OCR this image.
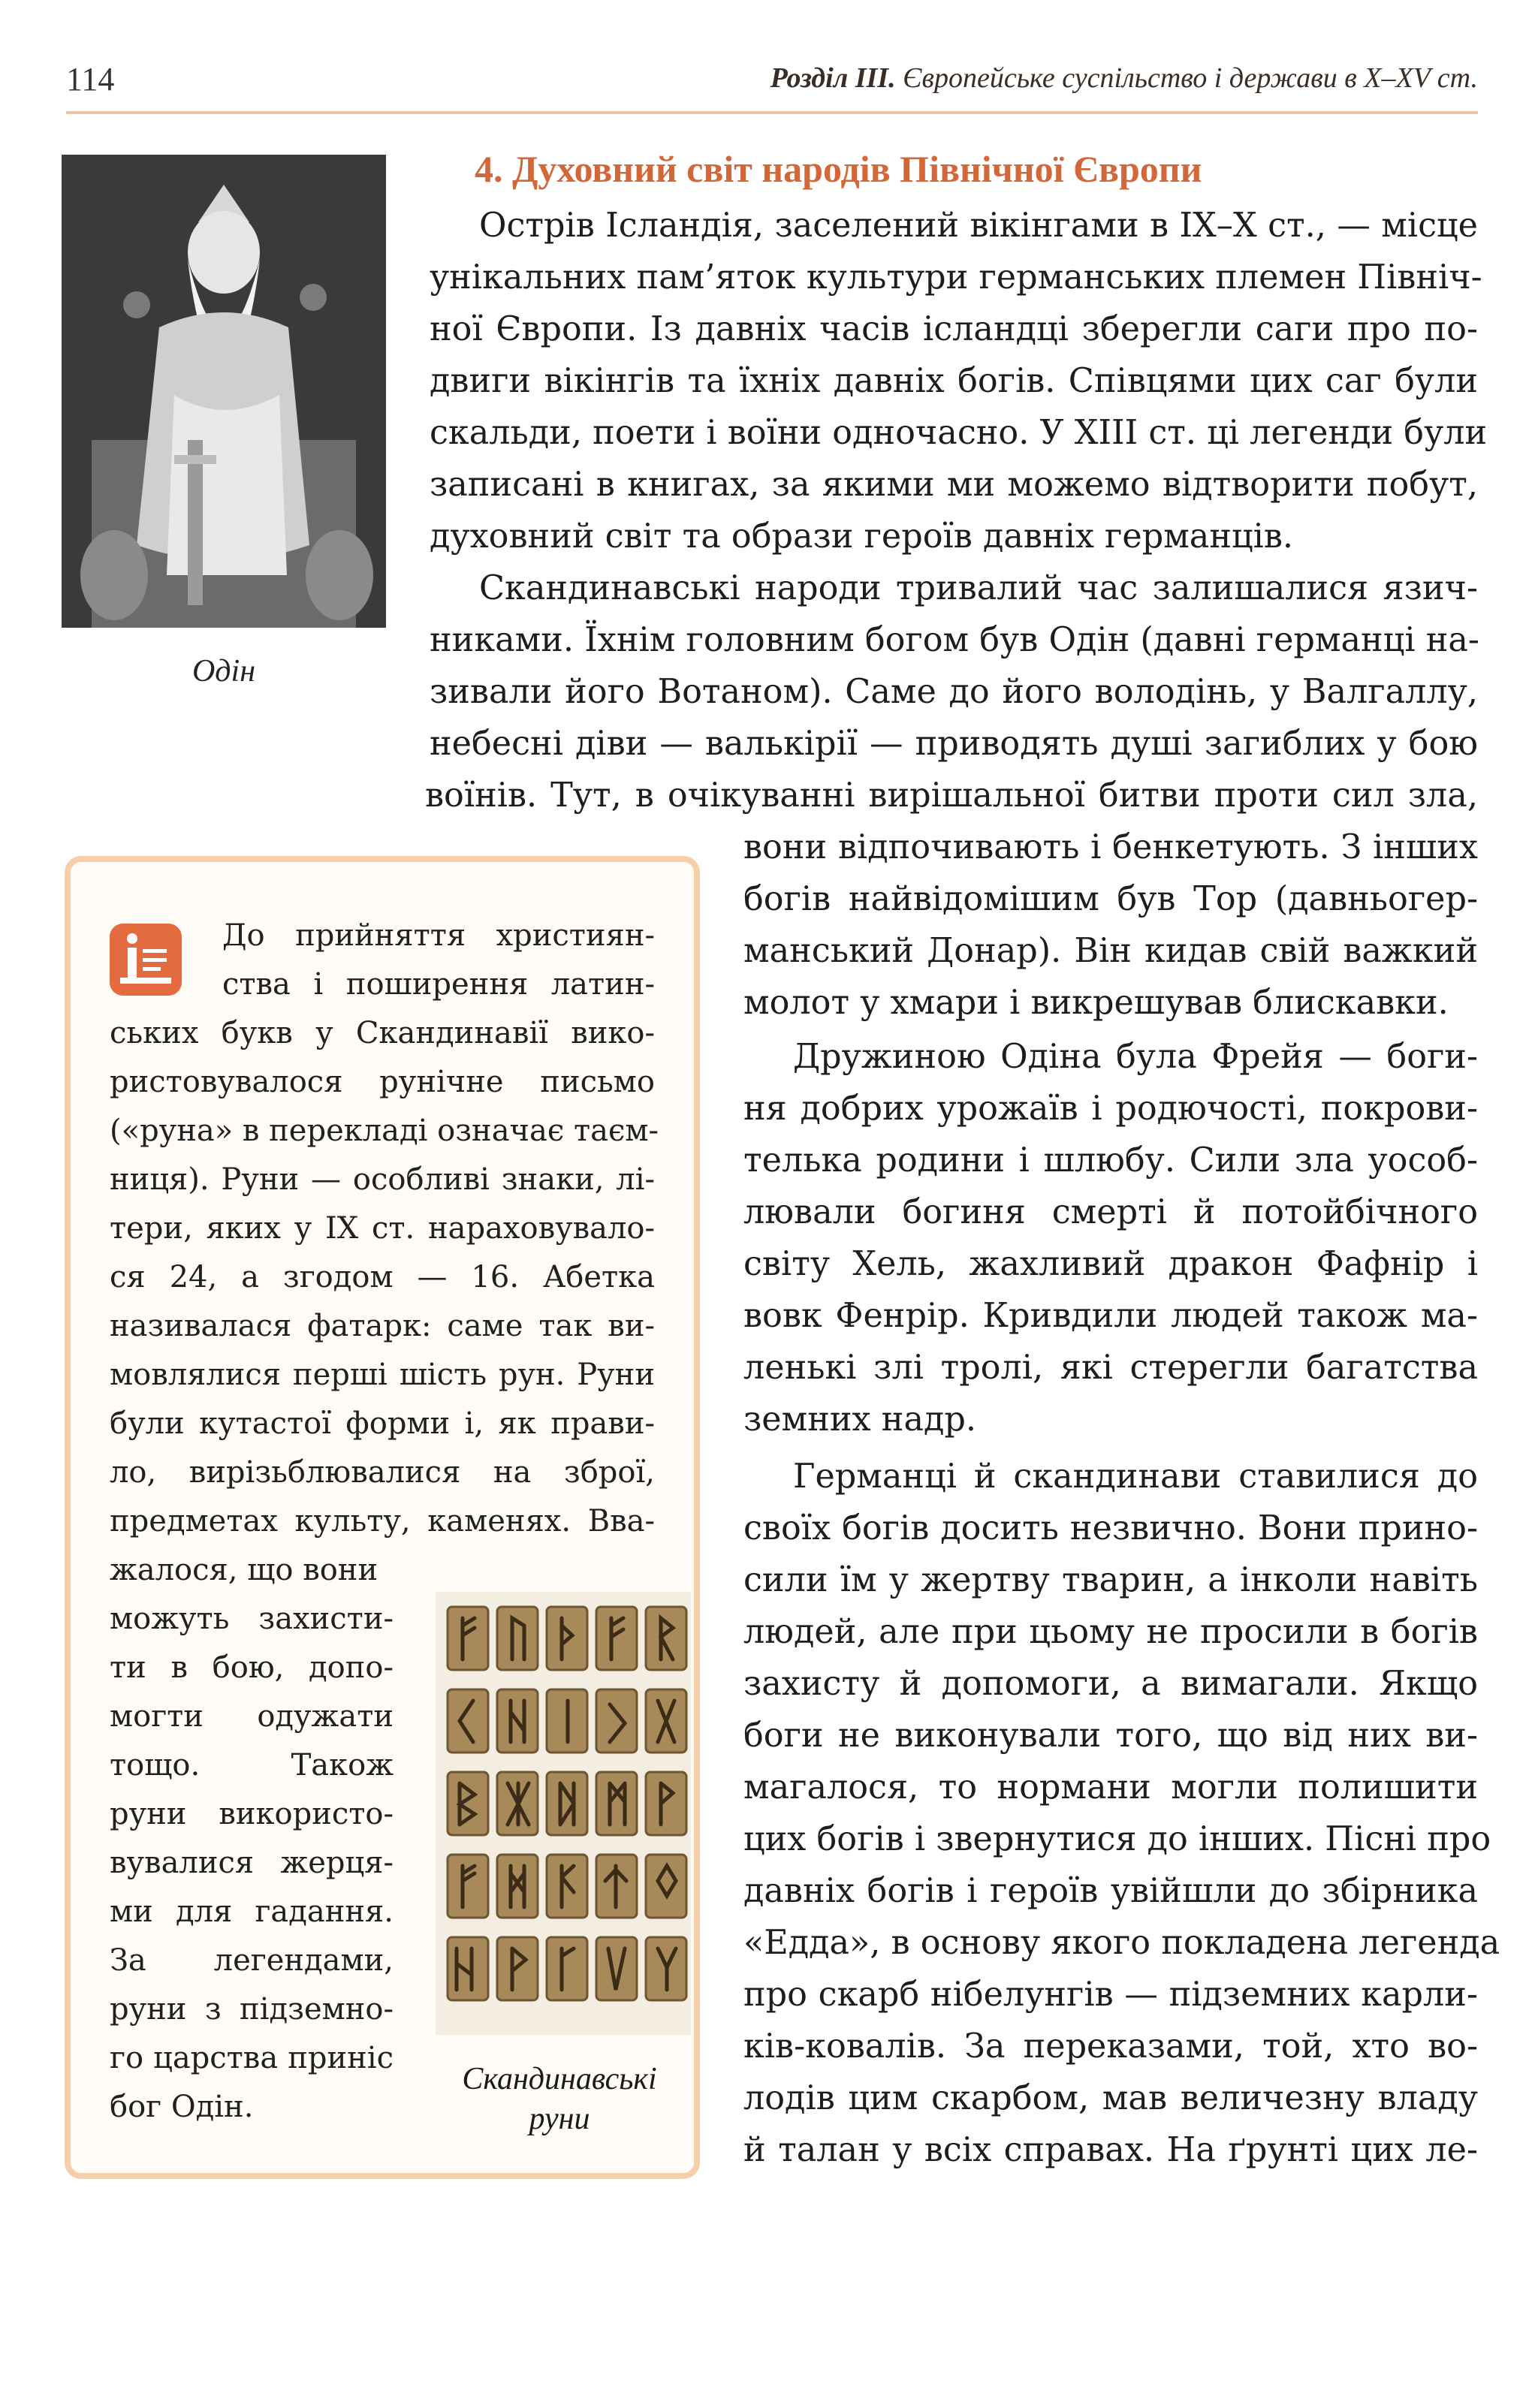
114	Розділ III. Європейське суспільство і держави в X–XV ст.
Одін
4. Духовний світ народів Північної Європи
Острів Ісландія, заселений вікінгами в IX–X ст., — місце
унікальних пам’яток культури германських племен Північ-
ної Європи. Із давніх часів ісландці зберегли саги про по-
двиги вікінгів та їхніх давніх богів. Співцями цих саг були
скальди, поети і воїни одночасно. У XIII ст. ці легенди були
записані в книгах, за якими ми можемо відтворити побут,
духовний світ та образи героїв давніх германців.
Скандинавські народи тривалий час залишалися язич-
никами. Їхнім головним богом був Одін (давні германці на-
зивали його Вотаном). Саме до його володінь, у Валгаллу,
небесні діви — валькірії — приводять душі загиблих у бою
воїнів. Тут, в очікуванні вирішальної битви проти сил зла,
вони відпочивають і бенкетують. З інших
богів найвідомішим був Тор (давньогер-
манський Донар). Він кидав свій важкий
молот у хмари і викрешував блискавки.
Дружиною Одіна була Фрейя — боги-
ня добрих урожаїв і родючості, покрови-
телька родини і шлюбу. Сили зла уособ-
лювали богиня смерті й потойбічного
світу Хель, жахливий дракон Фафнір і
вовк Фенрір. Кривдили людей також ма-
ленькі злі тролі, які стерегли багатства
земних надр.
Германці й скандинави ставилися до
своїх богів досить незвично. Вони прино-
сили їм у жертву тварин, а інколи навіть
людей, але при цьому не просили в богів
захисту й допомоги, а вимагали. Якщо
боги не виконували того, що від них ви-
магалося, то нормани могли полишити
цих богів і звернутися до інших. Пісні про
давніх богів і героїв увійшли до збірника
«Едда», в основу якого покладена легенда
про скарб нібелунгів — підземних карли-
ків-ковалів. За переказами, той, хто во-
лодів цим скарбом, мав величезну владу
й талан у всіх справах. На ґрунті цих ле-
До прийняття християн-
ства і поширення латин-
ських букв у Скандинавії вико-
ристовувалося рунічне письмо
(«руна» в перекладі означає таєм-
ниця). Руни — особливі знаки, лі-
тери, яких у IX ст. нараховувало-
ся 24, а згодом — 16. Абетка
називалася фатарк: саме так ви-
мовлялися перші шість рун. Руни
були кутастої форми і, як прави-
ло, вирізьблювалися на зброї,
предметах культу, каменях. Вва-
жалося, що вони
можуть захисти-
ти в бою, допо-
могти одужати
тощо. Також
руни використо-
вувалися жерця-
ми для гадання.
За легендами,
руни з підземно-
го царства приніс
бог Одін.
Скандинавські
руни
